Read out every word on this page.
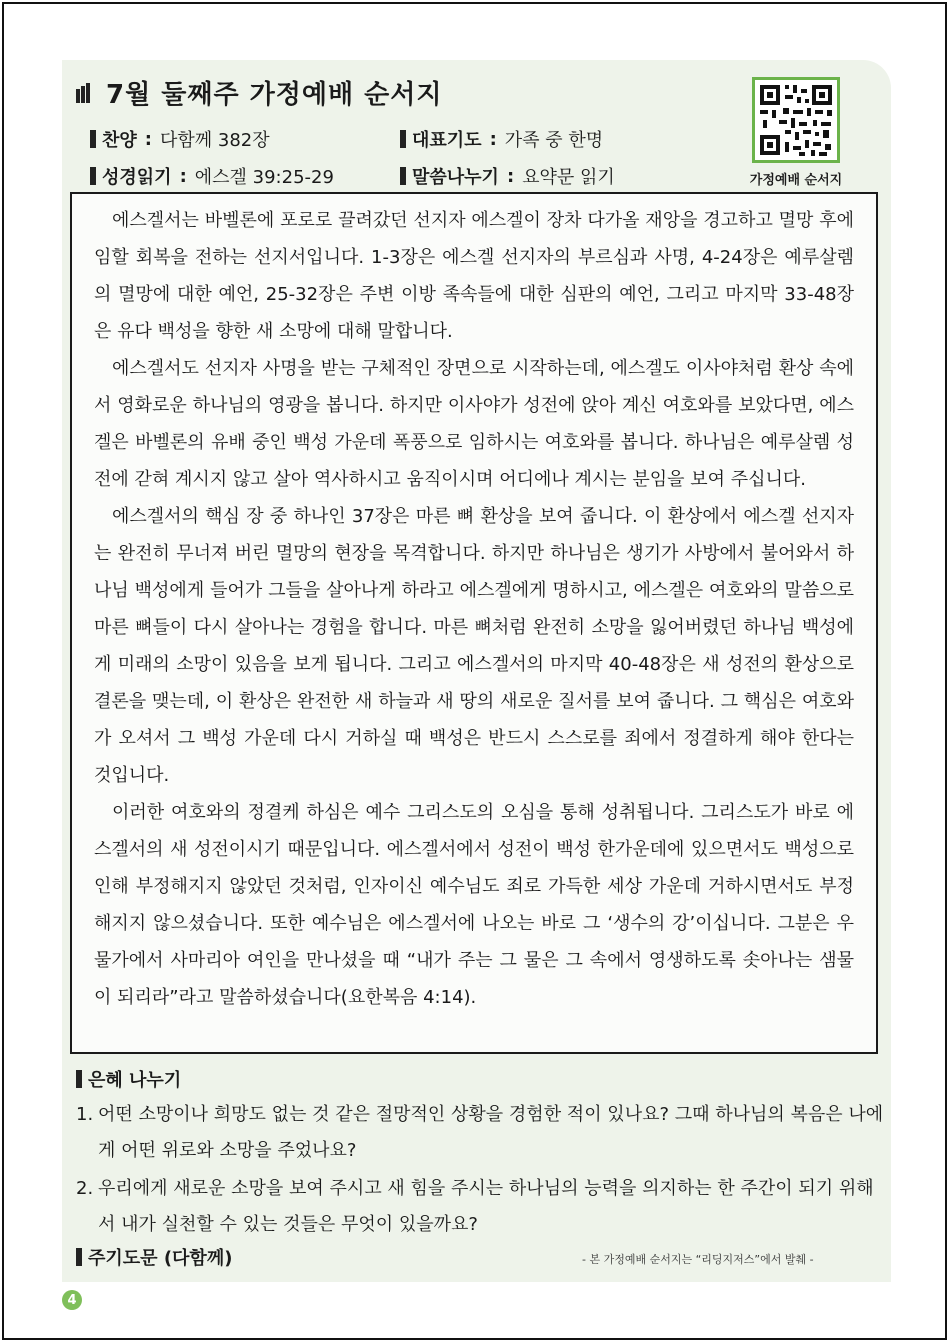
7월 둘째주 가정예배 순서지
찬양 : 다함께 382장	대표기도 : 가족 중 한명
성경읽기 : 에스겔 39:25-29	말씀나누기 : 요약문 읽기	가정예배 순서지

에스겔서는 바벨론에 포로로 끌려갔던 선지자 에스겔이 장차 다가올 재앙을 경고하고 멸망 후에 임할 회복을 전하는 선지서입니다. 1-3장은 에스겔 선지자의 부르심과 사명, 4-24장은 예루살렘의 멸망에 대한 예언, 25-32장은 주변 이방 족속들에 대한 심판의 예언, 그리고 마지막 33-48장은 유다 백성을 향한 새 소망에 대해 말합니다.

에스겔서도 선지자 사명을 받는 구체적인 장면으로 시작하는데, 에스겔도 이사야처럼 환상 속에서 영화로운 하나님의 영광을 봅니다. 하지만 이사야가 성전에 앉아 계신 여호와를 보았다면, 에스겔은 바벨론의 유배 중인 백성 가운데 폭풍으로 임하시는 여호와를 봅니다. 하나님은 예루살렘 성전에 갇혀 계시지 않고 살아 역사하시고 움직이시며 어디에나 계시는 분임을 보여 주십니다.

에스겔서의 핵심 장 중 하나인 37장은 마른 뼈 환상을 보여 줍니다. 이 환상에서 에스겔 선지자는 완전히 무너져 버린 멸망의 현장을 목격합니다. 하지만 하나님은 생기가 사방에서 불어와서 하나님 백성에게 들어가 그들을 살아나게 하라고 에스겔에게 명하시고, 에스겔은 여호와의 말씀으로 마른 뼈들이 다시 살아나는 경험을 합니다. 마른 뼈처럼 완전히 소망을 잃어버렸던 하나님 백성에게 미래의 소망이 있음을 보게 됩니다. 그리고 에스겔서의 마지막 40-48장은 새 성전의 환상으로 결론을 맺는데, 이 환상은 완전한 새 하늘과 새 땅의 새로운 질서를 보여 줍니다. 그 핵심은 여호와가 오셔서 그 백성 가운데 다시 거하실 때 백성은 반드시 스스로를 죄에서 정결하게 해야 한다는 것입니다.

이러한 여호와의 정결케 하심은 예수 그리스도의 오심을 통해 성취됩니다. 그리스도가 바로 에스겔서의 새 성전이시기 때문입니다. 에스겔서에서 성전이 백성 한가운데에 있으면서도 백성으로 인해 부정해지지 않았던 것처럼, 인자이신 예수님도 죄로 가득한 세상 가운데 거하시면서도 부정해지지 않으셨습니다. 또한 예수님은 에스겔서에 나오는 바로 그 ‘생수의 강’이십니다. 그분은 우물가에서 사마리아 여인을 만나셨을 때 “내가 주는 그 물은 그 속에서 영생하도록 솟아나는 샘물이 되리라”라고 말씀하셨습니다(요한복음 4:14).

은혜 나누기
1. 어떤 소망이나 희망도 없는 것 같은 절망적인 상황을 경험한 적이 있나요? 그때 하나님의 복음은 나에게 어떤 위로와 소망을 주었나요?
2. 우리에게 새로운 소망을 보여 주시고 새 힘을 주시는 하나님의 능력을 의지하는 한 주간이 되기 위해서 내가 실천할 수 있는 것들은 무엇이 있을까요?
주기도문 (다함께)	- 본 가정예배 순서지는 “리딩지저스”에서 발췌 -
4
